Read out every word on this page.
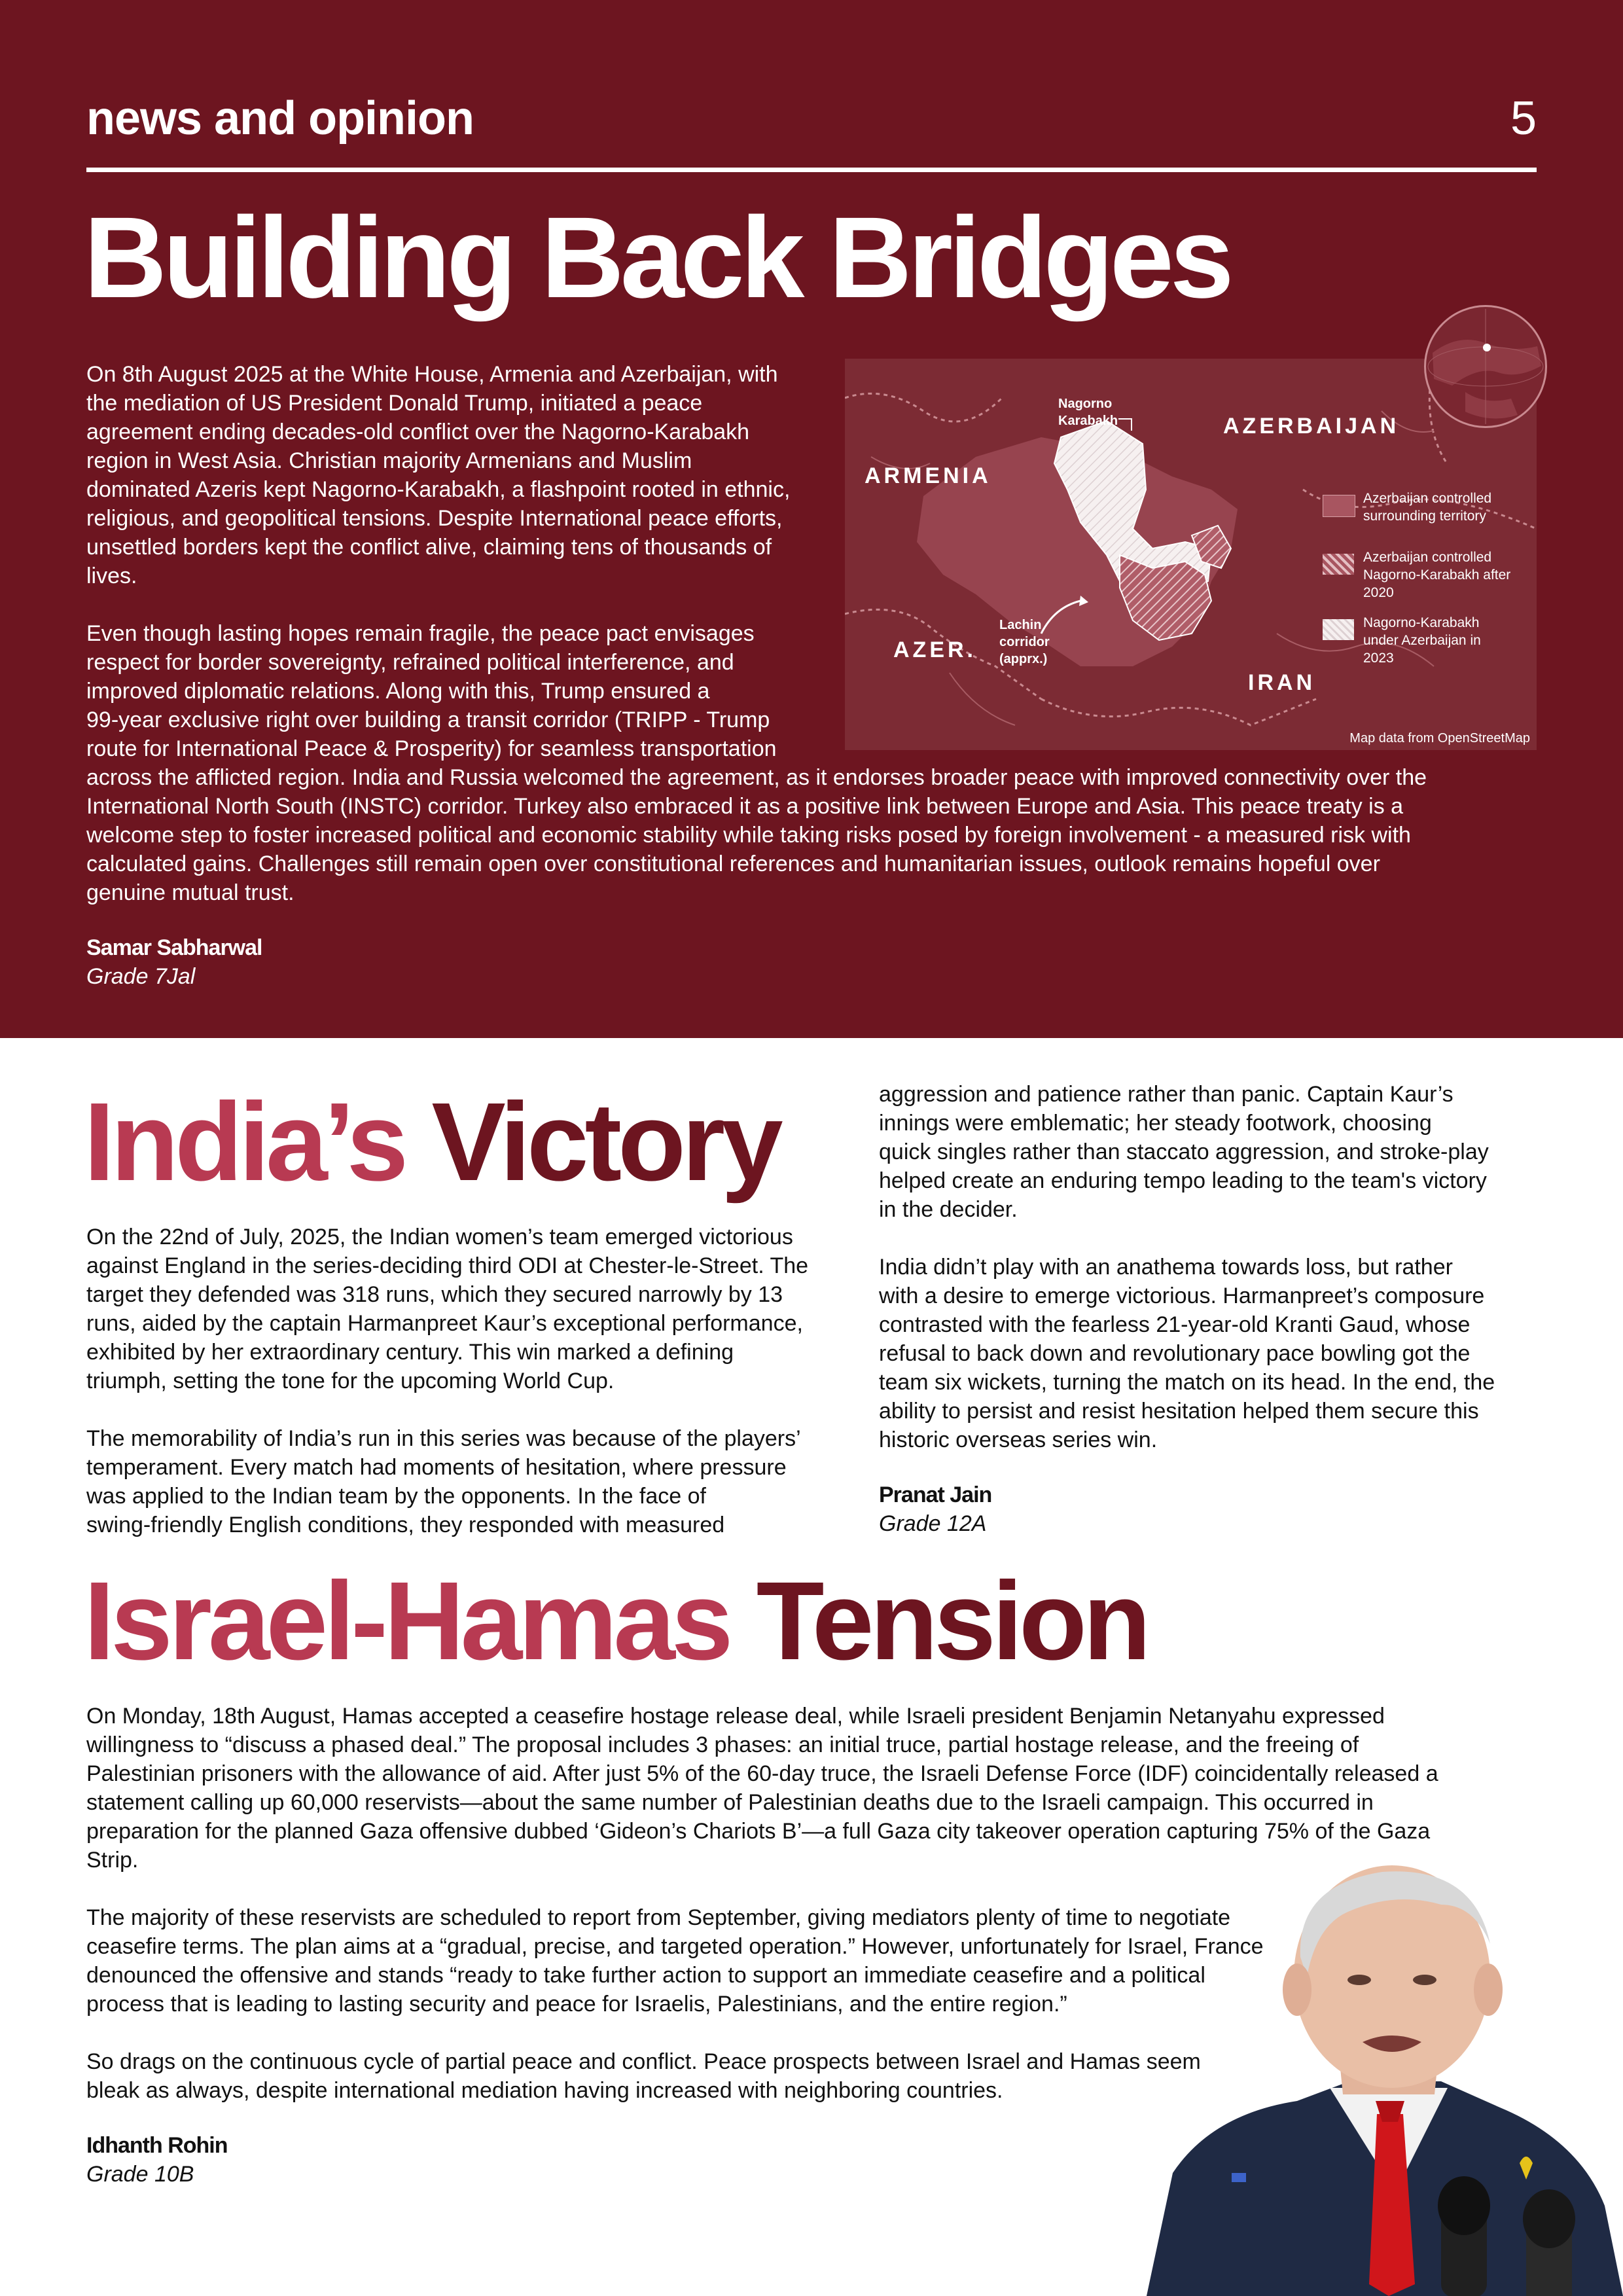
news and opinion	5
Building Back Bridges

On 8th August 2025 at the White House, Armenia and Azerbaijan, with
the mediation of US President Donald Trump, initiated a peace
agreement ending decades-old conflict over the Nagorno-Karabakh
region in West Asia. Christian majority Armenians and Muslim
dominated Azeris kept Nagorno-Karabakh, a flashpoint rooted in ethnic,
religious, and geopolitical tensions. Despite International peace efforts,
unsettled borders kept the conflict alive, claiming tens of thousands of
lives.

Even though lasting hopes remain fragile, the peace pact envisages
respect for border sovereignty, refrained political interference, and
improved diplomatic relations. Along with this, Trump ensured a
99-year exclusive right over building a transit corridor (TRIPP - Trump
route for International Peace & Prosperity) for seamless transportation

across the afflicted region. India and Russia welcomed the agreement, as it endorses broader peace with improved connectivity over the
International North South (INSTC) corridor. Turkey also embraced it as a positive link between Europe and Asia. This peace treaty is a
welcome step to foster increased political and economic stability while taking risks posed by foreign involvement - a measured risk with
calculated gains. Challenges still remain open over constitutional references and humanitarian issues, outlook remains hopeful over
genuine mutual trust.

Samar Sabharwal
Grade 7Jal
ARMENIA
AZERBAIJAN
AZER.
IRAN
Nagorno
Karabakh
Lachin
corridor
(apprx.)
Azerbaijan controlled
surrounding territory
Azerbaijan controlled
Nagorno-Karabakh after
2020
Nagorno-Karabakh
under Azerbaijan in
2023
Map data from OpenStreetMap
India’s Victory

On the 22nd of July, 2025, the Indian women’s team emerged victorious
against England in the series-deciding third ODI at Chester-le-Street. The
target they defended was 318 runs, which they secured narrowly by 13
runs, aided by the captain Harmanpreet Kaur’s exceptional performance,
exhibited by her extraordinary century. This win marked a defining
triumph, setting the tone for the upcoming World Cup.

The memorability of India’s run in this series was because of the players’
temperament. Every match had moments of hesitation, where pressure
was applied to the Indian team by the opponents. In the face of
swing-friendly English conditions, they responded with measured

aggression and patience rather than panic. Captain Kaur’s
innings were emblematic; her steady footwork, choosing
quick singles rather than staccato aggression, and stroke-play
helped create an enduring tempo leading to the team's victory
in the decider.

India didn’t play with an anathema towards loss, but rather
with a desire to emerge victorious. Harmanpreet’s composure
contrasted with the fearless 21-year-old Kranti Gaud, whose
refusal to back down and revolutionary pace bowling got the
team six wickets, turning the match on its head. In the end, the
ability to persist and resist hesitation helped them secure this
historic overseas series win.

Pranat Jain
Grade 12A
Israel-Hamas Tension

On Monday, 18th August, Hamas accepted a ceasefire hostage release deal, while Israeli president Benjamin Netanyahu expressed
willingness to “discuss a phased deal.” The proposal includes 3 phases: an initial truce, partial hostage release, and the freeing of
Palestinian prisoners with the allowance of aid. After just 5% of the 60-day truce, the Israeli Defense Force (IDF) coincidentally released a
statement calling up 60,000 reservists—about the same number of Palestinian deaths due to the Israeli campaign. This occurred in
preparation for the planned Gaza offensive dubbed ‘Gideon’s Chariots B’—a full Gaza city takeover operation capturing 75% of the Gaza
Strip.

The majority of these reservists are scheduled to report from September, giving mediators plenty of time to negotiate
ceasefire terms. The plan aims at a “gradual, precise, and targeted operation.” However, unfortunately for Israel, France
denounced the offensive and stands “ready to take further action to support an immediate ceasefire and a political
process that is leading to lasting security and peace for Israelis, Palestinians, and the entire region.”

So drags on the continuous cycle of partial peace and conflict. Peace prospects between Israel and Hamas seem
bleak as always, despite international mediation having increased with neighboring countries.

Idhanth Rohin
Grade 10B
